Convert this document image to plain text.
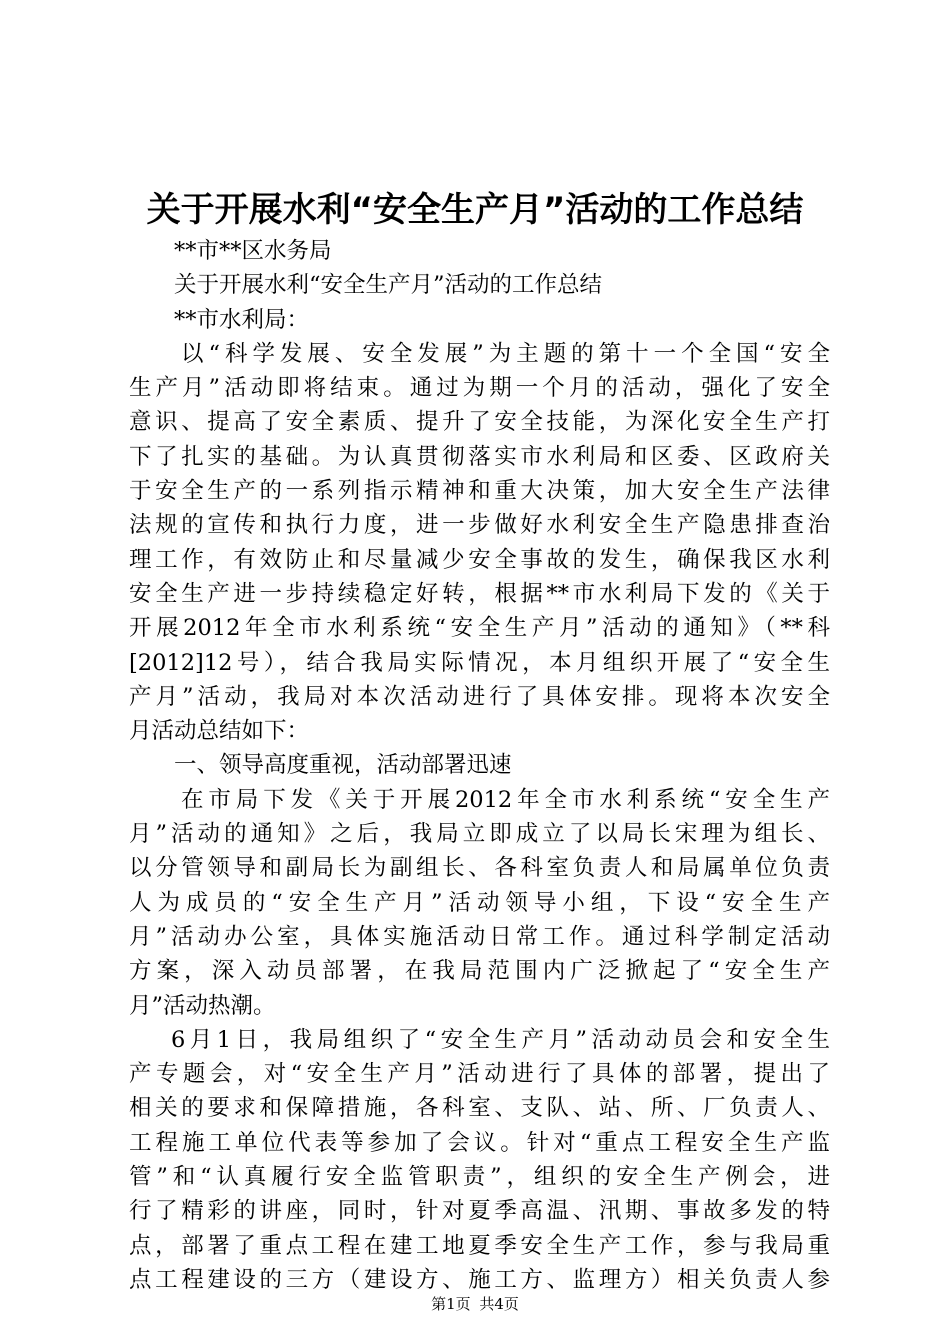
关于开展水利“安全生产月”活动的工作总结
**市**区水务局
关于开展水利“安全生产月”活动的工作总结
**市水利局：
以“科学发展、安全发展”为主题的第十一个全国“安全
生产月”活动即将结束。通过为期一个月的活动，强化了安全
意识、提高了安全素质、提升了安全技能，为深化安全生产打
下了扎实的基础。为认真贯彻落实市水利局和区委、区政府关
于安全生产的一系列指示精神和重大决策，加大安全生产法律
法规的宣传和执行力度，进一步做好水利安全生产隐患排查治
理工作，有效防止和尽量减少安全事故的发生，确保我区水利
安全生产进一步持续稳定好转，根据**市水利局下发的《关于
开展2012年全市水利系统“安全生产月”活动的通知》（**科
[2012]12号），结合我局实际情况，本月组织开展了“安全生
产月”活动，我局对本次活动进行了具体安排。现将本次安全
月活动总结如下：
一、领导高度重视，活动部署迅速
在市局下发《关于开展2012年全市水利系统“安全生产
月”活动的通知》之后，我局立即成立了以局长宋理为组长、
以分管领导和副局长为副组长、各科室负责人和局属单位负责
人为成员的“安全生产月”活动领导小组，下设“安全生产
月”活动办公室，具体实施活动日常工作。通过科学制定活动
方案，深入动员部署，在我局范围内广泛掀起了“安全生产
月”活动热潮。
6月1日，我局组织了“安全生产月”活动动员会和安全生
产专题会，对“安全生产月”活动进行了具体的部署，提出了
相关的要求和保障措施，各科室、支队、站、所、厂负责人、
工程施工单位代表等参加了会议。针对“重点工程安全生产监
管”和“认真履行安全监管职责”，组织的安全生产例会，进
行了精彩的讲座，同时，针对夏季高温、汛期、事故多发的特
点，部署了重点工程在建工地夏季安全生产工作，参与我局重
点工程建设的三方（建设方、施工方、监理方）相关负责人参
第1页 共4页
